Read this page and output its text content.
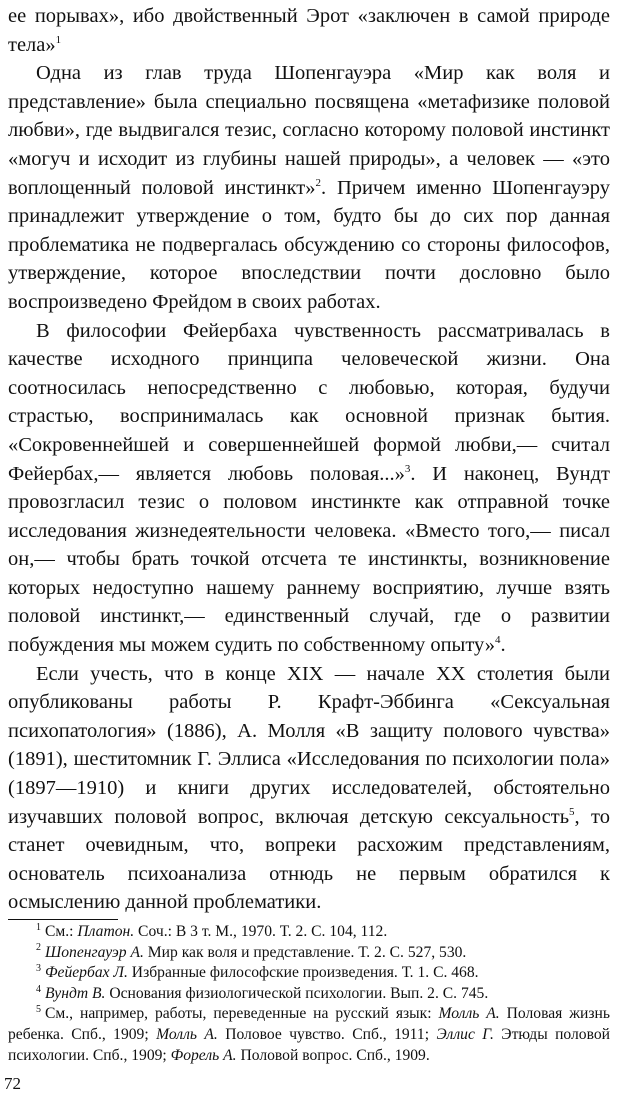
ее порывах», ибо двойственный Эрот «заключен в самой природе тела»$^1$

Одна из глав труда Шопенгауэра «Мир как воля и представление» была специально посвящена «метафизике половой любви», где выдвигался тезис, согласно которому половой инстинкт «могуч и исходит из глубины нашей природы», а человек — «это воплощенный половой инстинкт»$^2$. Причем именно Шопенгауэру принадлежит утверждение о том, будто бы до сих пор данная проблематика не подвергалась обсуждению со стороны философов, утверждение, которое впоследствии почти дословно было воспроизведено Фрейдом в своих работах.

В философии Фейербаха чувственность рассматривалась в качестве исходного принципа человеческой жизни. Она соотносилась непосредственно с любовью, которая, будучи страстью, воспринималась как основной признак бытия. «Сокровеннейшей и совершеннейшей формой любви,— считал Фейербах,— является любовь половая...»$^3$. И наконец, Вундт провозгласил тезис о половом инстинкте как отправной точке исследования жизнедеятельности человека. «Вместо того,— писал он,— чтобы брать точкой отсчета те инстинкты, возникновение которых недоступно нашему раннему восприятию, лучше взять половой инстинкт,— единственный случай, где о развитии побуждения мы можем судить по собственному опыту»$^4$.

Если учесть, что в конце XIX — начале XX столетия были опубликованы работы Р. Крафт-Эббинга «Сексуальная психопатология» (1886), А. Молля «В защиту полового чувства» (1891), шеститомник Г. Эллиса «Исследования по психологии пола» (1897—1910) и книги других исследователей, обстоятельно изучавших половой вопрос, включая детскую сексуальность$^5$, то станет очевидным, что, вопреки расхожим представлениям, основатель психоанализа отнюдь не первым обратился к осмыслению данной проблематики.

$^1$ См.: Платон. Соч.: В 3 т. М., 1970. Т. 2. С. 104, 112.

$^2$ Шопенгауэр А. Мир как воля и представление. Т. 2. С. 527, 530.

$^3$ Фейербах Л. Избранные философские произведения. Т. 1. С. 468.

$^4$ Вундт В. Основания физиологической психологии. Вып. 2. С. 745.

$^5$ См., например, работы, переведенные на русский язык: Молль А. Половая жизнь ребенка. Спб., 1909; Молль А. Половое чувство. Спб., 1911; Эллис Г. Этюды половой психологии. Спб., 1909; Форель А. Половой вопрос. Спб., 1909.

72
